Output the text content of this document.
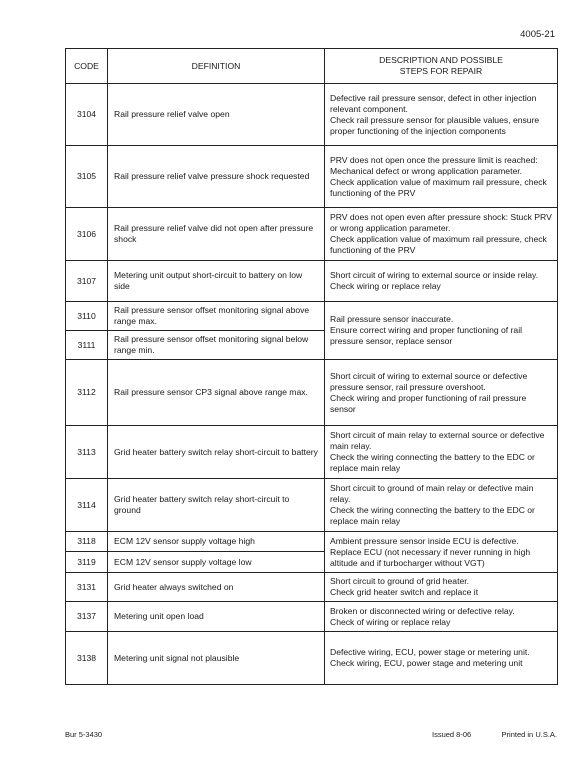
4005-21
CODE	DEFINITION	DESCRIPTION AND POSSIBLE
STEPS FOR REPAIR
3104	Rail pressure relief valve open	Defective rail pressure sensor, defect in other injection relevant component.
Check rail pressure sensor for plausible values, ensure proper functioning of the injection components
3105	Rail pressure relief valve pressure shock requested	PRV does not open once the pressure limit is reached: Mechanical defect or wrong application parameter.
Check application value of maximum rail pressure, check functioning of the PRV
3106	Rail pressure relief valve did not open after pressure shock	PRV does not open even after pressure shock: Stuck PRV or wrong application parameter.
Check application value of maximum rail pressure, check functioning of the PRV
3107	Metering unit output short-circuit to battery on low side	Short circuit of wiring to external source or inside relay.
Check wiring or replace relay
3110	Rail pressure sensor offset monitoring signal above range max.	Rail pressure sensor inaccurate.
Ensure correct wiring and proper functioning of rail pressure sensor, replace sensor
3111	Rail pressure sensor offset monitoring signal below range min.	
3112	Rail pressure sensor CP3 signal above range max.	Short circuit of wiring to external source or defective pressure sensor, rail pressure overshoot.
Check wiring and proper functioning of rail pressure sensor
3113	Grid heater battery switch relay short-circuit to battery	Short circuit of main relay to external source or defective main relay.
Check the wiring connecting the battery to the EDC or replace main relay
3114	Grid heater battery switch relay short-circuit to ground	Short circuit to ground of main relay or defective main relay.
Check the wiring connecting the battery to the EDC or replace main relay
3118	ECM 12V sensor supply voltage high	Ambient pressure sensor inside ECU is defective.
Replace ECU (not necessary if never running in high altitude and if turbocharger without VGT)
3119	ECM 12V sensor supply voltage low	
3131	Grid heater always switched on	Short circuit to ground of grid heater.
Check grid heater switch and replace it
3137	Metering unit open load	Broken or disconnected wiring or defective relay.
Check of wiring or replace relay
3138	Metering unit signal not plausible	Defective wiring, ECU, power stage or metering unit.
Check wiring, ECU, power stage and metering unit
Bur 5-3430	Issued 8-06	Printed in U.S.A.
